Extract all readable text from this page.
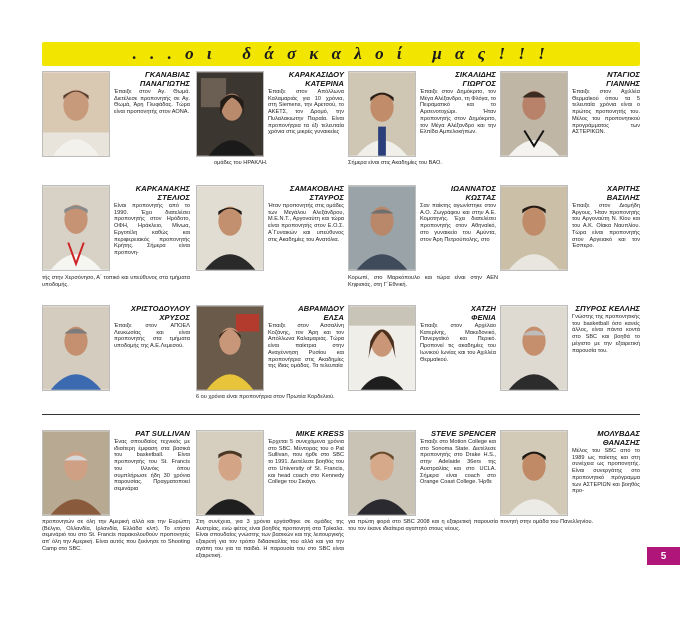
. . . ο ι   δ ά σ κ α λ ο ί   μ α ς ! ! !
ΓΚΑΝΑΒΙΑΣ
ΠΑΝΑΓΙΩΤΗΣ
Έπαιξε στον Αγ. Θωμά. Διετέλεσε προπονητής σε Αγ. Θωμά, Άρη Γλυφάδας. Τώρα είναι προπονητής στον ΑΟΝΑ.
ΚΑΡΑΚΑΣΙΔΟΥ
ΚΑΤΕΡΙΝΑ
Έπαιξε στον Απόλλωνα Καλαμαριάς για 10 χρόνια, στη Siemens, την Αρετσού, το ΑΚΕΤΣ, τον Δρομό, την Πυλαλακιωτην Πειραία. Είναι προπονήτρια τα έξι τελευταία χρόνια στις μικρές γυναικείες
ομάδες του ΗΡΑΚΛΗ.
ΣΙΚΑΛΙΔΗΣ
ΓΙΩΡΓΟΣ
Έπαιξε στον Δημόκριτο, τον Μέγα Αλέξανδρο, τη Φλόγα, το Πειραματικό και το Αρσενοτοχώρι. Ήταν προπονητής στον Δημόκριτο, τον Μέγα Αλέξανδρο και την Ελπίδα Αμπελοκήπων.
Σήμερα είναι στις Ακαδημίες του ΒΑΟ.
ΝΤΑΓΙΟΣ
ΓΙΑΝΝΗΣ
Έπαιξε στον Αχιλλέα Θερμαϊκού όπου τα 5 τελευταία χρόνια είναι ο πρώτος προπονητής του. Μέλος του προπονητικού προγράμματος των ΑΣΤΕΡΙΚΩΝ.
ΚΑΡΚΑΝΑΚΗΣ
ΣΤΕΛΙΟΣ
Είναι προπονητής από το 1990. Έχει διατελέσει προπονητής στον Ηρόδοτο, ΟΦΗ, Ηράκλειο, Μίνωα, Εργοτέλη καθώς και περιφερειακός προπονητής Κρήτης. Σήμερα είναι προπονη-
τής στην Χερσόνησο, Α΄ τοπικό και υπεύθυνος στα τμήματα υποδομής.
ΣΑΜΑΚΟΒΛΗΣ
ΣΤΑΥΡΟΣ
Ήταν προπονητής στις ομάδες των Μεγάλου Αλεξάνδρου, Μ.Ε.Ν.Τ., Αργοναύτη και τώρα είναι προπονητής στον Ε.Ο.Σ. Α΄Γυναικών και υπεύθυνος στις Ακαδημίες του Ανατόλια.
ΙΩΑΝΝΑΤΟΣ
ΚΩΣΤΑΣ
Σαν παίκτης αγωνίστηκε στον Α.Ο. Ζωγράφου και στην Α.Ε. Κομοτηνής. Έχει διατελέσει προπονητής στον Αθηναϊκό, στο γυναικείο του Αμύντα, στον Άρη Πετρούπολης, στο
Κορωπί, στο Μαρκόπουλο και τώρα είναι στην ΑΕΝ Κηφισιάς, στη Γ΄Εθνική.
ΧΑΡΙΤΗΣ
ΒΑΣΙΛΗΣ
Έπαιξε στον Διομήδη Άργους. Ήταν προπονητής του Αργοναύτη Ν. Κίου και του Α.Κ. Οίακα Ναυπλίου. Τώρα είναι προπονητής στον Αργειακό και τον Έσπερο.
ΧΡΙΣΤΟΔΟΥΛΟΥ
ΧΡΥΣΟΣ
Έπαιξε στον ΑΠΟΕΛ Λευκωσίας και είναι προπονητής στα τμήματα υποδομής της Α.Ε.Λεμεσού.
ΑΒΡΑΜΙΔΟΥ
ΕΛΣΑ
Έπαιξε στον Ασσαλίνη Κοζάνης, τον Άρη και τον Απόλλωνα Καλαμαριάς. Τώρα είναι παίκτρια στην Αναγέννηση Ρυσίου και προπονήτρια στις Ακαδημίες της ίδιας ομάδας. Τα τελευταία
6 ου χρόνια είναι προπονήτρια στον Πρωτέα Κορδελιού.
ΧΑΤΖΗ
ΦΕΝΙΑ
Έπαιξε στον Αρχέλαο Κατερίνης, Μακεδονικό, Πανεργαϊκό και Περικό. Προπονεί τις ακαδημίες του Ιωνικού Ιωνίας και του Αχιλλέα Θερμαϊκού.
ΣΠΥΡΟΣ ΚΕΛΛΗΣ
Γνώστης της προπονητικής του basketball όσο κανείς άλλος, είναι πάντα κοντά στο SBC και βοηθά το μέγιστο με την εξαιρετική παρουσία του.
PAT SULLIVAN
Ένας σπουδαίος τεχνικός με ιδιαίτερη έμφαση στα βασικά του basketball. Είναι προπονητής του St. Francis του Ιλλινόις όπου συμπλήρωσε ήδη 30 χρόνια παρουσίας. Πραγματοποιεί σεμινάρια
προπονητών σε όλη την Αμερική αλλά και την Ευρώπη (Βέλγιο, Ολλανδία, Ιρλανδία, Ελλάδα κλπ). Το ετήσιο σεμινάριό του στο St. Francis παρακολουθούν προπονητές απ’ όλη την Αμερική. Είναι αυτός που ξεκίνησε το Shooting Camp στο SBC.
MIKE KRESS
Έρχεται 5 συνεχόμενα χρόνια στο SBC. Μέντορας του ο Pat Sullivan, που ήρθε στο SBC το 1991. Διετέλεσε βοηθός του στο University of St. Francis, και head coach στο Kennedy College του Σικάγο.
Στη συνέχεια, για 3 χρόνια εργάσθηκε σε ομάδες της Αυστρίας, ενώ φέτος είναι βοηθός προπονητή στα Τρίκαλα. Είναι σπουδαίος γνώστης των βασικών και της λειτουργικής εξαιρετή για τον τρόπο διδασκαλίας του αλλά και για την αγάπη του για τα παιδιά. Η παρουσία του στο SBC είναι εξαιρετική.
STEVE SPENCER
Έπαιξε στο Motion College και στο Sonoma State. Διετέλεσε προπονητής στο Drake H.S., στην Adelaide 36ers της Αυστραλίας και στο UCLA. Σήμερα είναι coach στο Orange Coast College. Ήρθε
για πρώτη φορά στο SBC 2008 και η εξαιρετική παρουσία του τον έκανε ιδιαίτερα αγαπητό στους νέους.
ΜΟΛΥΒΔΑΣ
ΘΑΝΑΣΗΣ
Μέλος του SBC από το 1989 ως παίκτης και στη συνέχεια ως προπονητής. Είναι συνεργάτης στο προπονητικό πρόγραμμα των ΑΣΤΕΡΙΩΝ και βοηθός προ-
πονητή στην ομάδα του Πανελληνίου.
5
